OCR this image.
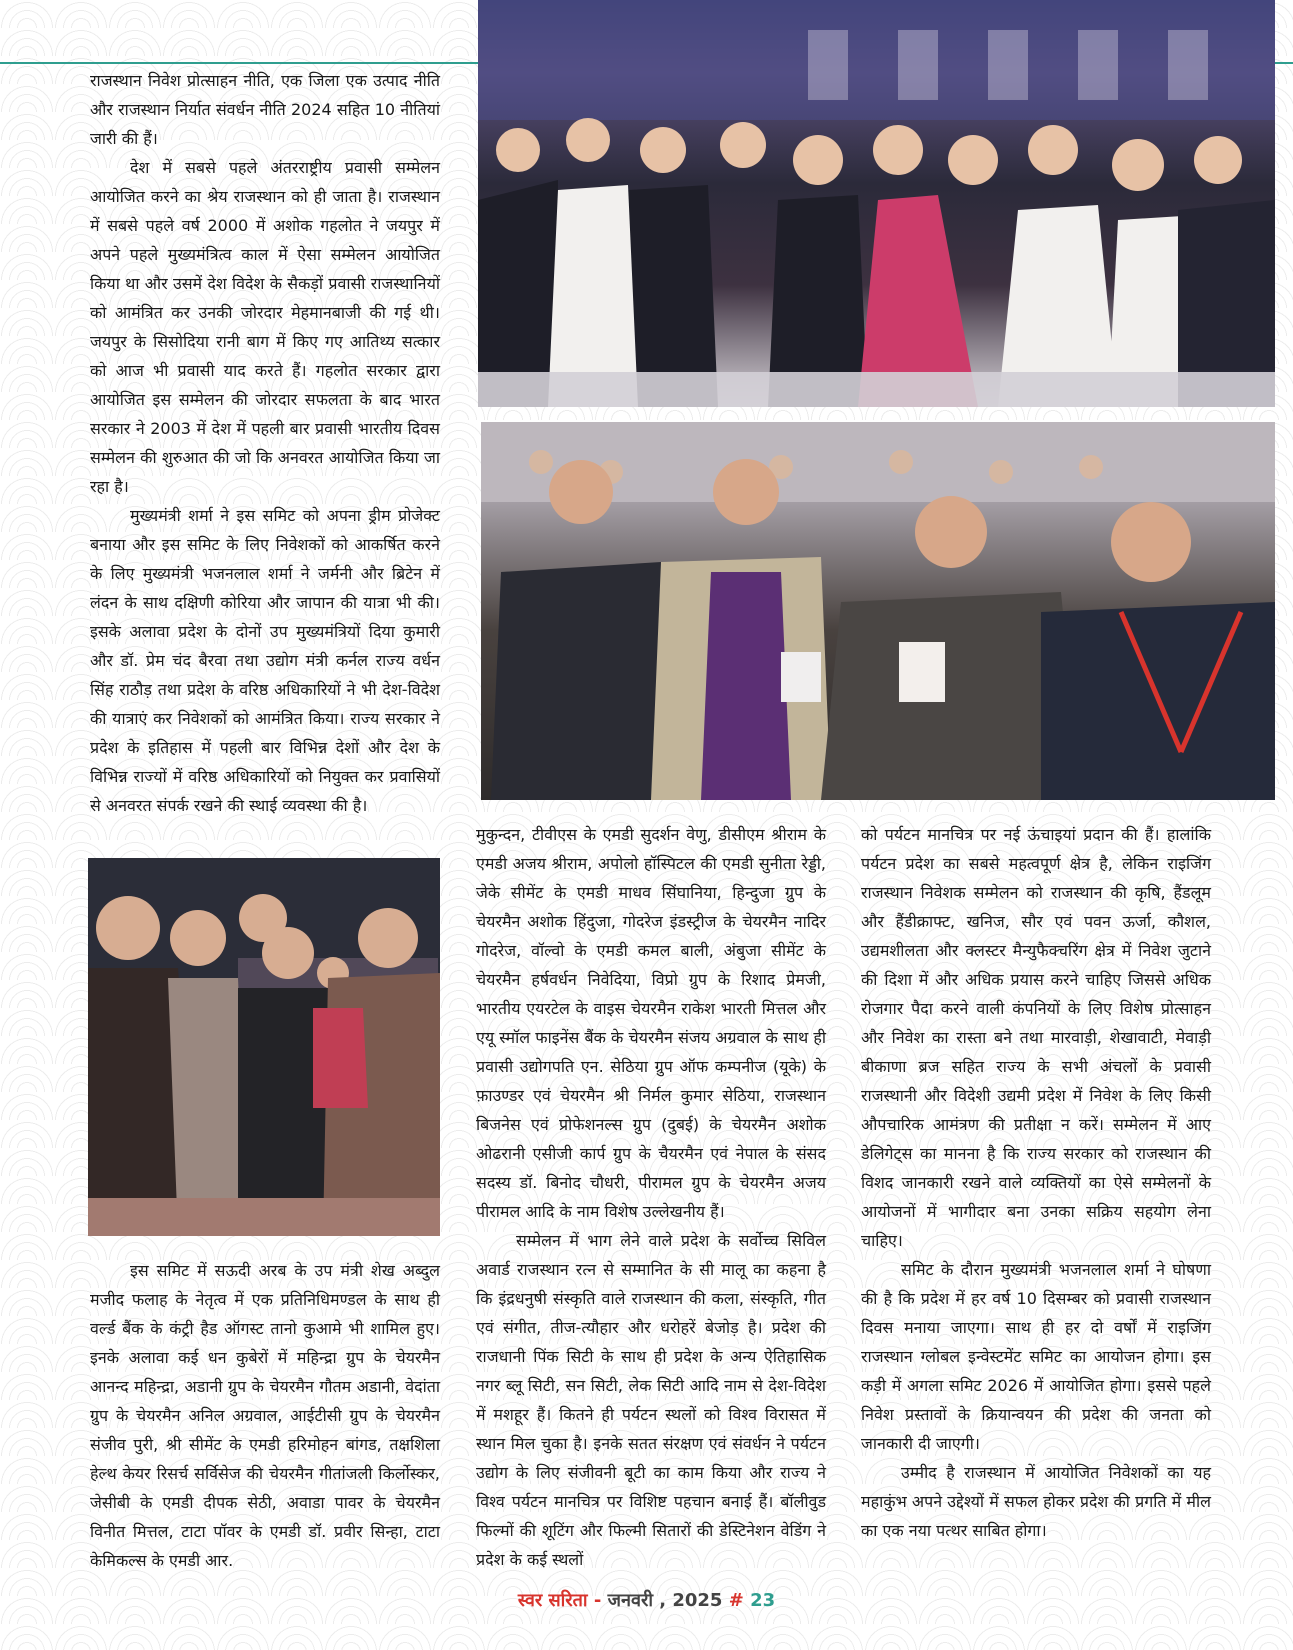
राजस्थान निवेश प्रोत्साहन नीति, एक जिला एक उत्पाद नीति और राजस्थान निर्यात संवर्धन नीति 2024 सहित 10 नीतियां जारी की हैं।

देश में सबसे पहले अंतरराष्ट्रीय प्रवासी सम्मेलन आयोजित करने का श्रेय राजस्थान को ही जाता है। राजस्थान में सबसे पहले वर्ष 2000 में अशोक गहलोत ने जयपुर में अपने पहले मुख्यमंत्रित्व काल में ऐसा सम्मेलन आयोजित किया था और उसमें देश विदेश के सैकड़ों प्रवासी राजस्थानियों को आमंत्रित कर उनकी जोरदार मेहमानबाजी की गई थी। जयपुर के सिसोदिया रानी बाग में किए गए आतिथ्य सत्कार को आज भी प्रवासी याद करते हैं। गहलोत सरकार द्वारा आयोजित इस सम्मेलन की जोरदार सफलता के बाद भारत सरकार ने 2003 में देश में पहली बार प्रवासी भारतीय दिवस सम्मेलन की शुरुआत की जो कि अनवरत आयोजित किया जा रहा है।

मुख्यमंत्री शर्मा ने इस समिट को अपना ड्रीम प्रोजेक्ट बनाया और इस समिट के लिए निवेशकों को आकर्षित करने के लिए मुख्यमंत्री भजनलाल शर्मा ने जर्मनी और ब्रिटेन में लंदन के साथ दक्षिणी कोरिया और जापान की यात्रा भी की। इसके अलावा प्रदेश के दोनों उप मुख्यमंत्रियों दिया कुमारी और डॉ. प्रेम चंद बैरवा तथा उद्योग मंत्री कर्नल राज्य वर्धन सिंह राठौड़ तथा प्रदेश के वरिष्ठ अधिकारियों ने भी देश-विदेश की यात्राएं कर निवेशकों को आमंत्रित किया। राज्य सरकार ने प्रदेश के इतिहास में पहली बार विभिन्न देशों और देश के विभिन्न राज्यों में वरिष्ठ अधिकारियों को नियुक्त कर प्रवासियों से अनवरत संपर्क रखने की स्थाई व्यवस्था की है।

इस समिट में सऊदी अरब के उप मंत्री शेख अब्दुल मजीद फलाह के नेतृत्व में एक प्रतिनिधिमण्डल के साथ ही वर्ल्ड बैंक के कंट्री हैड ऑगस्ट तानो कुआमे भी शामिल हुए। इनके अलावा कई धन कुबेरों में महिन्द्रा ग्रुप के चेयरमैन आनन्द महिन्द्रा, अडानी ग्रुप के चेयरमैन गौतम अडानी, वेदांता ग्रुप के चेयरमैन अनिल अग्रवाल, आईटीसी ग्रुप के चेयरमैन संजीव पुरी, श्री सीमेंट के एमडी हरिमोहन बांगड, तक्षशिला हेल्थ केयर रिसर्च सर्विसेज की चेयरमैन गीतांजली किर्लोस्कर, जेसीबी के एमडी दीपक सेठी, अवाडा पावर के चेयरमैन विनीत मित्तल, टाटा पॉवर के एमडी डॉ. प्रवीर सिन्हा, टाटा केमिकल्स के एमडी आर.

मुकुन्दन, टीवीएस के एमडी सुदर्शन वेणु, डीसीएम श्रीराम के एमडी अजय श्रीराम, अपोलो हॉस्पिटल की एमडी सुनीता रेड्डी, जेके सीमेंट के एमडी माधव सिंघानिया, हिन्दुजा ग्रुप के चेयरमैन अशोक हिंदुजा, गोदरेज इंडस्ट्रीज के चेयरमैन नादिर गोदरेज, वॉल्वो के एमडी कमल बाली, अंबुजा सीमेंट के चेयरमैन हर्षवर्धन निवेदिया, विप्रो ग्रुप के रिशाद प्रेमजी, भारतीय एयरटेल के वाइस चेयरमैन राकेश भारती मित्तल और एयू स्मॉल फाइनेंस बैंक के चेयरमैन संजय अग्रवाल के साथ ही प्रवासी उद्योगपति एन. सेठिया ग्रुप ऑफ कम्पनीज (यूके) के फ़ाउण्डर एवं चेयरमैन श्री निर्मल कुमार सेठिया, राजस्थान बिजनेस एवं प्रोफेशनल्स ग्रुप (दुबई) के चेयरमैन अशोक ओढरानी एसीजी कार्प ग्रुप के चैयरमैन एवं नेपाल के संसद सदस्य डॉ. बिनोद चौधरी, पीरामल ग्रुप के चेयरमैन अजय पीरामल आदि के नाम विशेष उल्लेखनीय हैं।

सम्मेलन में भाग लेने वाले प्रदेश के सर्वोच्च सिविल अवार्ड राजस्थान रत्न से सम्मानित के सी मालू का कहना है कि इंद्रधनुषी संस्कृति वाले राजस्थान की कला, संस्कृति, गीत एवं संगीत, तीज-त्यौहार और धरोहरें बेजोड़ है। प्रदेश की राजधानी पिंक सिटी के साथ ही प्रदेश के अन्य ऐतिहासिक नगर ब्लू सिटी, सन सिटी, लेक सिटी आदि नाम से देश-विदेश में मशहूर हैं। कितने ही पर्यटन स्थलों को विश्व विरासत में स्थान मिल चुका है। इनके सतत संरक्षण एवं संवर्धन ने पर्यटन उद्योग के लिए संजीवनी बूटी का काम किया और राज्य ने विश्व पर्यटन मानचित्र पर विशिष्ट पहचान बनाई हैं। बॉलीवुड फिल्मों की शूटिंग और फिल्मी सितारों की डेस्टिनेशन वेडिंग ने प्रदेश के कई स्थलों

को पर्यटन मानचित्र पर नई ऊंचाइयां प्रदान की हैं। हालांकि पर्यटन प्रदेश का सबसे महत्वपूर्ण क्षेत्र है, लेकिन राइजिंग राजस्थान निवेशक सम्मेलन को राजस्थान की कृषि, हैंडलूम और हैंडीक्राफ्ट, खनिज, सौर एवं पवन ऊर्जा, कौशल, उद्यमशीलता और क्लस्टर मैन्युफैक्चरिंग क्षेत्र में निवेश जुटाने की दिशा में और अधिक प्रयास करने चाहिए जिससे अधिक रोजगार पैदा करने वाली कंपनियों के लिए विशेष प्रोत्साहन और निवेश का रास्ता बने तथा मारवाड़ी, शेखावाटी, मेवाड़ी बीकाणा ब्रज सहित राज्य के सभी अंचलों के प्रवासी राजस्थानी और विदेशी उद्यमी प्रदेश में निवेश के लिए किसी औपचारिक आमंत्रण की प्रतीक्षा न करें। सम्मेलन में आए डेलिगेट्स का मानना है कि राज्य सरकार को राजस्थान की विशद जानकारी रखने वाले व्यक्तियों का ऐसे सम्मेलनों के आयोजनों में भागीदार बना उनका सक्रिय सहयोग लेना चाहिए।

समिट के दौरान मुख्यमंत्री भजनलाल शर्मा ने घोषणा की है कि प्रदेश में हर वर्ष 10 दिसम्बर को प्रवासी राजस्थान दिवस मनाया जाएगा। साथ ही हर दो वर्षों में राइजिंग राजस्थान ग्लोबल इन्वेस्टमेंट समिट का आयोजन होगा। इस कड़ी में अगला समिट 2026 में आयोजित होगा। इससे पहले निवेश प्रस्तावों के क्रियान्वयन की प्रदेश की जनता को जानकारी दी जाएगी।

उम्मीद है राजस्थान में आयोजित निवेशकों का यह महाकुंभ अपने उद्देश्यों में सफल होकर प्रदेश की प्रगति में मील का एक नया पत्थर साबित होगा।

स्वर सरिता - जनवरी , 2025 # 23
